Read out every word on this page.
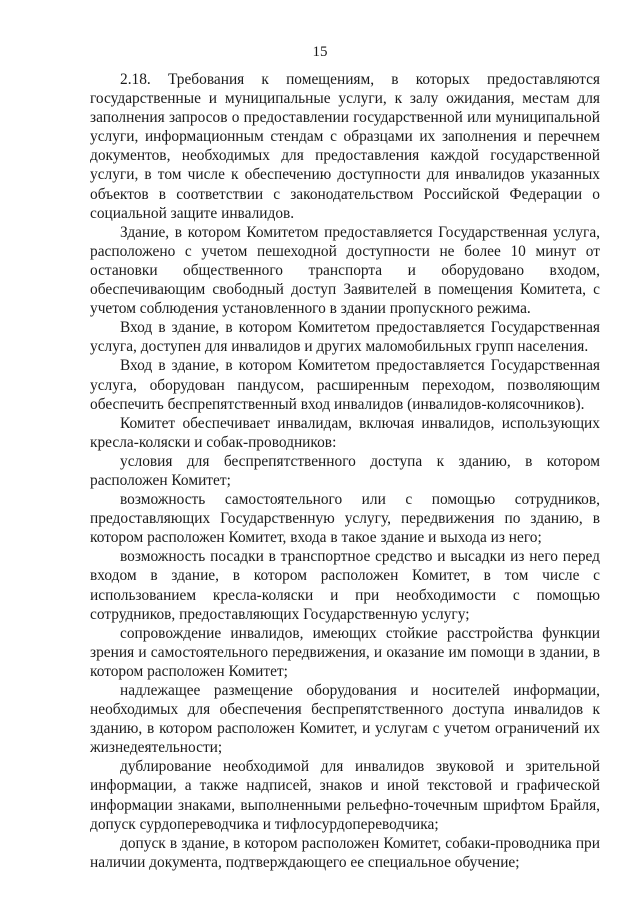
15

2.18. Требования к помещениям, в которых предоставляются государственные и муниципальные услуги, к залу ожидания, местам для заполнения запросов о предоставлении государственной или муниципальной услуги, информационным стендам с образцами их заполнения и перечнем документов, необходимых для предоставления каждой государственной услуги, в том числе к обеспечению доступности для инвалидов указанных объектов в соответствии с законодательством Российской Федерации о социальной защите инвалидов.

Здание, в котором Комитетом предоставляется Государственная услуга, расположено с учетом пешеходной доступности не более 10 минут от остановки общественного транспорта и оборудовано входом, обеспечивающим свободный доступ Заявителей в помещения Комитета, с учетом соблюдения установленного в здании пропускного режима.

Вход в здание, в котором Комитетом предоставляется Государственная услуга, доступен для инвалидов и других маломобильных групп населения.

Вход в здание, в котором Комитетом предоставляется Государственная услуга, оборудован пандусом, расширенным переходом, позволяющим обеспечить беспрепятственный вход инвалидов (инвалидов-колясочников).

Комитет обеспечивает инвалидам, включая инвалидов, использующих кресла-коляски и собак-проводников:

условия для беспрепятственного доступа к зданию, в котором расположен Комитет;

возможность самостоятельного или с помощью сотрудников, предоставляющих Государственную услугу, передвижения по зданию, в котором расположен Комитет, входа в такое здание и выхода из него;

возможность посадки в транспортное средство и высадки из него перед входом в здание, в котором расположен Комитет, в том числе с использованием кресла-коляски и при необходимости с помощью сотрудников, предоставляющих Государственную услугу;

сопровождение инвалидов, имеющих стойкие расстройства функции зрения и самостоятельного передвижения, и оказание им помощи в здании, в котором расположен Комитет;

надлежащее размещение оборудования и носителей информации, необходимых для обеспечения беспрепятственного доступа инвалидов к зданию, в котором расположен Комитет, и услугам с учетом ограничений их жизнедеятельности;

дублирование необходимой для инвалидов звуковой и зрительной информации, а также надписей, знаков и иной текстовой и графической информации знаками, выполненными рельефно-точечным шрифтом Брайля, допуск сурдопереводчика и тифлосурдопереводчика;

допуск в здание, в котором расположен Комитет, собаки-проводника при наличии документа, подтверждающего ее специальное обучение;
